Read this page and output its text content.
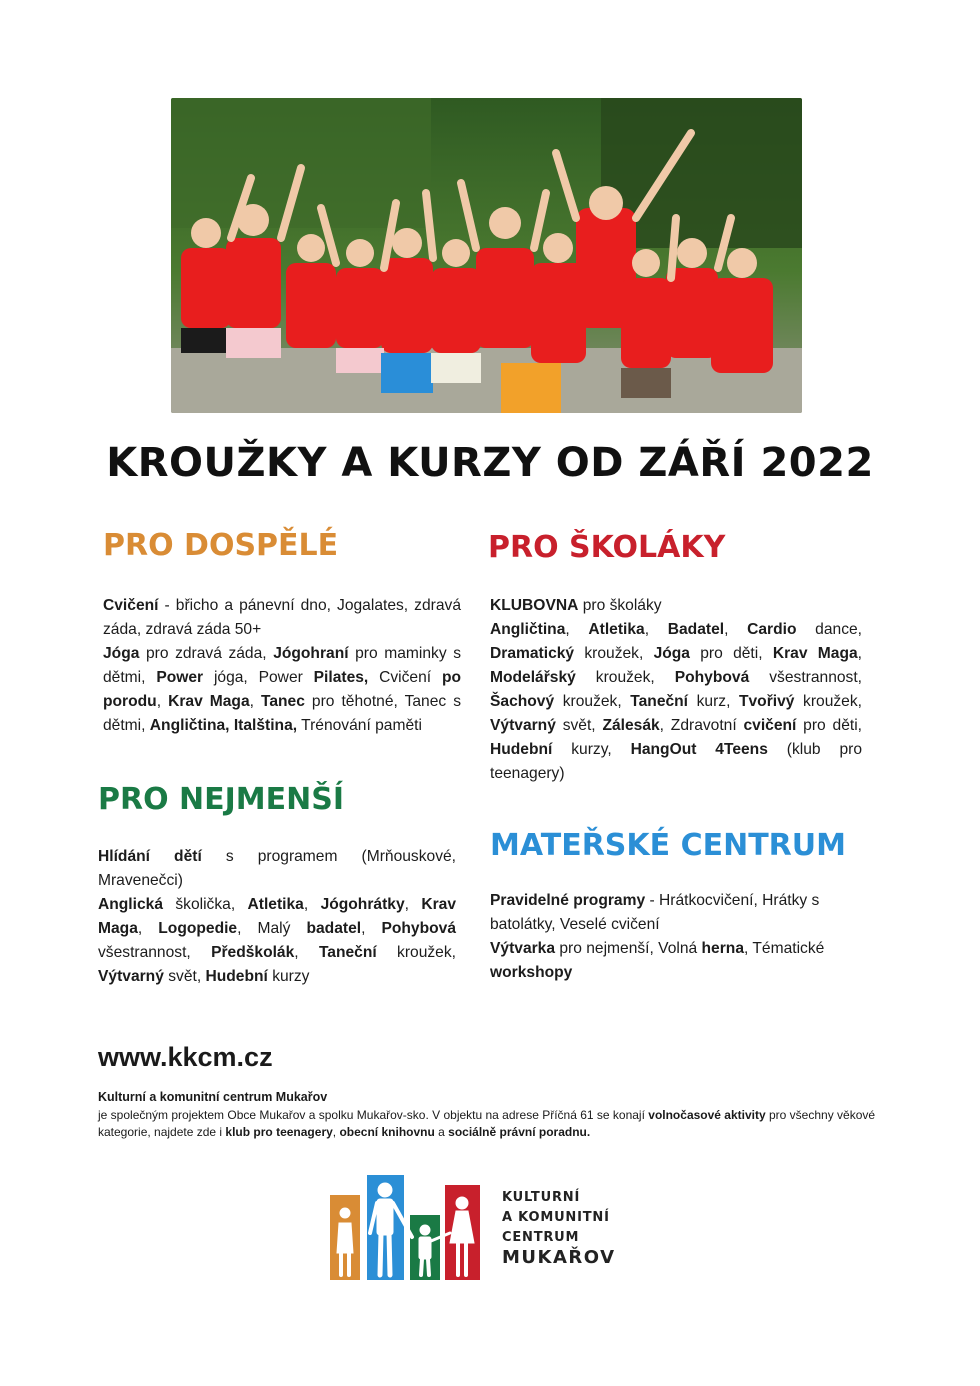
KROUŽKY A KURZY OD ZÁŘÍ 2022
PRO DOSPĚLÉ

Cvičení - břicho a pánevní dno, Jogalates, zdravá záda, zdravá záda 50+

Jóga pro zdravá záda, Jógohraní pro maminky s dětmi, Power jóga, Power Pilates, Cvičení po porodu, Krav Maga, Tanec pro těhotné, Tanec s dětmi, Angličtina, Italština, Trénování paměti

PRO NEJMENŠÍ

Hlídání dětí s programem (Mrňouskové, Mravenečci)

Anglická školička, Atletika, Jógohrátky, Krav Maga, Logopedie, Malý badatel, Pohybová všestrannost, Předškolák, Taneční kroužek, Výtvarný svět, Hudební kurzy

PRO ŠKOLÁKY

KLUBOVNA pro školáky

Angličtina, Atletika, Badatel, Cardio dance, Dramatický kroužek, Jóga pro děti, Krav Maga, Modelářský kroužek, Pohybová všestrannost, Šachový kroužek, Taneční kurz, Tvořivý kroužek, Výtvarný svět, Zálesák, Zdravotní cvičení pro děti, Hudební kurzy, HangOut 4Teens (klub pro teenagery)

MATEŘSKÉ CENTRUM

Pravidelné programy - Hrátkocvičení, Hrátky s batolátky, Veselé cvičení

Výtvarka pro nejmenší, Volná herna, Tématické workshopy

www.kkcm.cz

Kulturní a komunitní centrum Mukařov

je společným projektem Obce Mukařov a spolku Mukařov-sko. V objektu na adrese Příčná 61 se konají volnočasové aktivity pro všechny věkové kategorie, najdete zde i klub pro teenagery, obecní knihovnu a sociálně právní poradnu.

KULTURNÍ
A KOMUNITNÍ
CENTRUM
MUKAŘOV
